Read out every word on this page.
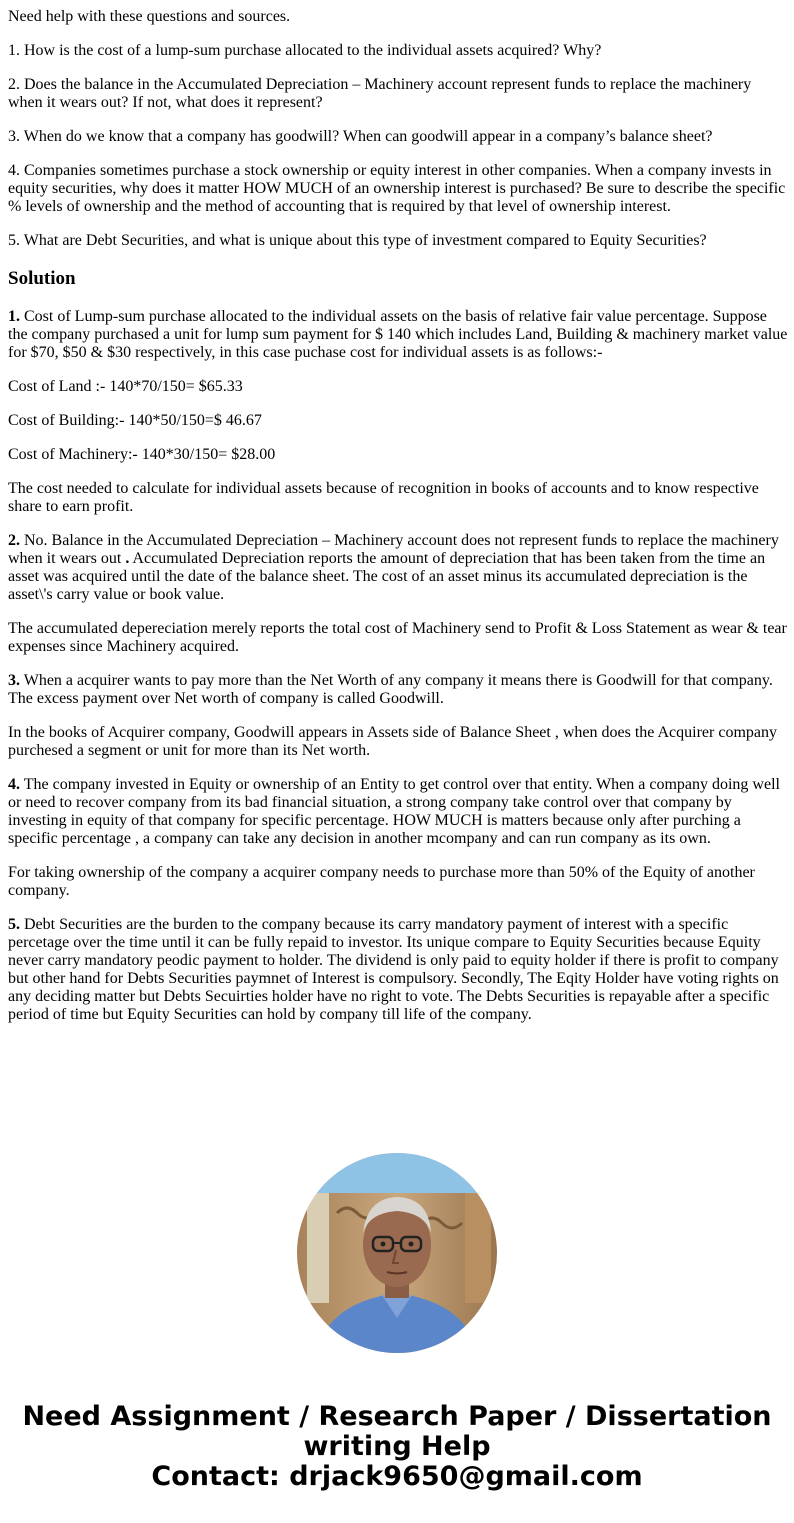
Need help with these questions and sources.

1. How is the cost of a lump-sum purchase allocated to the individual assets acquired? Why?

2. Does the balance in the Accumulated Depreciation – Machinery account represent funds to replace the machinery when it wears out? If not, what does it represent?

3. When do we know that a company has goodwill? When can goodwill appear in a company’s balance sheet?

4. Companies sometimes purchase a stock ownership or equity interest in other companies. When a company invests in equity securities, why does it matter HOW MUCH of an ownership interest is purchased? Be sure to describe the specific % levels of ownership and the method of accounting that is required by that level of ownership interest.

5. What are Debt Securities, and what is unique about this type of investment compared to Equity Securities?

Solution

1. Cost of Lump-sum purchase allocated to the individual assets on the basis of relative fair value percentage. Suppose the company purchased a unit for lump sum payment for $ 140 which includes Land, Building & machinery market value for $70, $50 & $30 respectively, in this case puchase cost for individual assets is as follows:-

Cost of Land :- 140*70/150= $65.33

Cost of Building:- 140*50/150=$ 46.67

Cost of Machinery:- 140*30/150= $28.00

The cost needed to calculate for individual assets because of recognition in books of accounts and to know respective share to earn profit.

2. No. Balance in the Accumulated Depreciation – Machinery account does not represent funds to replace the machinery when it wears out . Accumulated Depreciation reports the amount of depreciation that has been taken from the time an asset was acquired until the date of the balance sheet. The cost of an asset minus its accumulated depreciation is the asset\'s carry value or book value.

The accumulated depereciation merely reports the total cost of Machinery send to Profit & Loss Statement as wear & tear expenses since Machinery acquired.

3. When a acquirer wants to pay more than the Net Worth of any company it means there is Goodwill for that company. The excess payment over Net worth of company is called Goodwill.

In the books of Acquirer company, Goodwill appears in Assets side of Balance Sheet , when does the Acquirer company purchesed a segment or unit for more than its Net worth.

4. The company invested in Equity or ownership of an Entity to get control over that entity. When a company doing well or need to recover company from its bad financial situation, a strong company take control over that company by investing in equity of that company for specific percentage. HOW MUCH is matters because only after purching a specific percentage , a company can take any decision in another mcompany and can run company as its own.

For taking ownership of the company a acquirer company needs to purchase more than 50% of the Equity of another company.

5. Debt Securities are the burden to the company because its carry mandatory payment of interest with a specific percetage over the time until it can be fully repaid to investor. Its unique compare to Equity Securities because Equity never carry mandatory peodic payment to holder. The dividend is only paid to equity holder if there is profit to company but other hand for Debts Securities paymnet of Interest is compulsory. Secondly, The Eqity Holder have voting rights on any deciding matter but Debts Secuirties holder have no right to vote. The Debts Securities is repayable after a specific period of time but Equity Securities can hold by company till life of the company.

Need Assignment / Research Paper / Dissertation
writing Help
Contact: drjack9650@gmail.com
